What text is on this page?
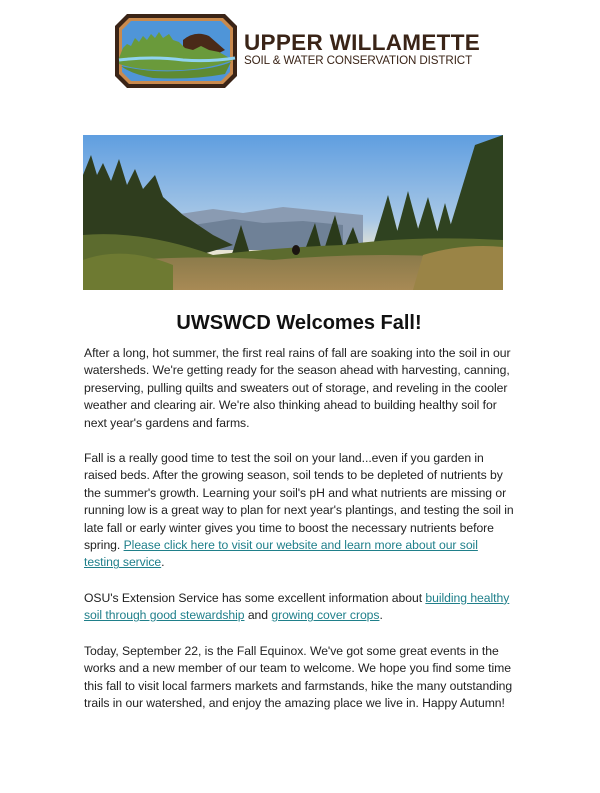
UPPER WILLAMETTE
SOIL & WATER CONSERVATION DISTRICT
UWSWCD Welcomes Fall!

After a long, hot summer, the first real rains of fall are soaking into the soil in our watersheds. We're getting ready for the season ahead with harvesting, canning, preserving, pulling quilts and sweaters out of storage, and reveling in the cooler weather and clearing air. We're also thinking ahead to building healthy soil for next year's gardens and farms.

Fall is a really good time to test the soil on your land...even if you garden in raised beds. After the growing season, soil tends to be depleted of nutrients by the summer's growth. Learning your soil's pH and what nutrients are missing or running low is a great way to plan for next year's plantings, and testing the soil in late fall or early winter gives you time to boost the necessary nutrients before spring. Please click here to visit our website and learn more about our soil testing service.

OSU's Extension Service has some excellent information about building healthy soil through good stewardship and growing cover crops.

Today, September 22, is the Fall Equinox. We've got some great events in the works and a new member of our team to welcome. We hope you find some time this fall to visit local farmers markets and farmstands, hike the many outstanding trails in our watershed, and enjoy the amazing place we live in. Happy Autumn!
